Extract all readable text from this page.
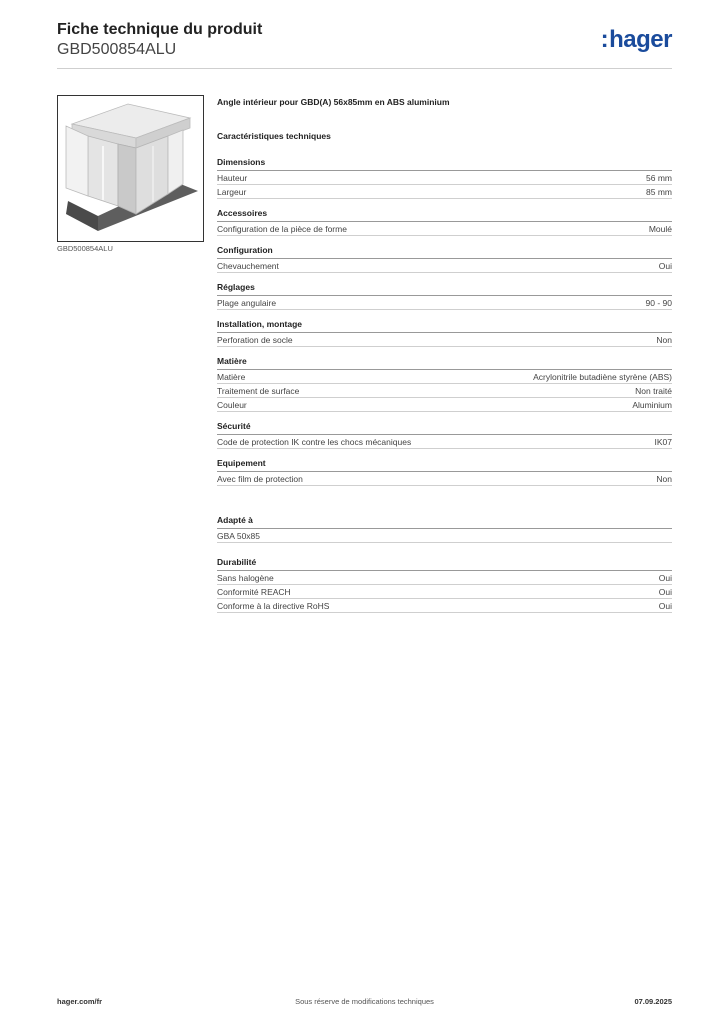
Fiche technique du produit

GBD500854ALU	:hager
GBD500854ALU

Angle intérieur pour GBD(A) 56x85mm en ABS aluminium

Caractéristiques techniques
Dimensions
Hauteur	56 mm
Largeur	85 mm
Accessoires
Configuration de la pièce de forme	Moulé
Configuration
Chevauchement	Oui
Réglages
Plage angulaire	90 - 90
Installation, montage
Perforation de socle	Non
Matière
Matière	Acrylonitrile butadiène styrène (ABS)
Traitement de surface	Non traité
Couleur	Aluminium
Sécurité
Code de protection IK contre les chocs mécaniques	IK07
Equipement
Avec film de protection	Non
Adapté à
GBA 50x85
Durabilité
Sans halogène	Oui
Conformité REACH	Oui
Conforme à la directive RoHS	Oui
hager.com/fr	Sous réserve de modifications techniques	07.09.2025
